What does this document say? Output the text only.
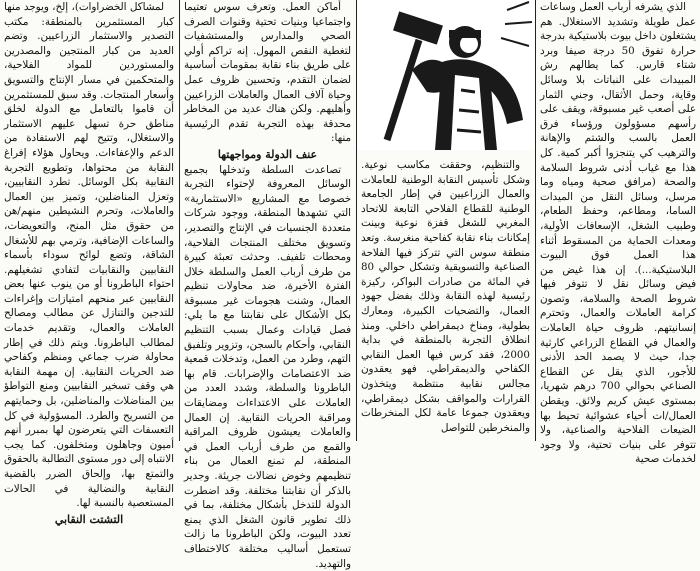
الذي يشرفه أرباب العمل وساعات عمل طويلة وتشديد الاستغلال. هم يشتغلون داخل بيوت بلاستيكية بدرجة حرارة تفوق 50 درجة صيفا وبرد شتاء قارس. كما يطالهم رش المبيدات على النباتات بلا وسائل وقاية، وحمل الأثقال، وجني الثمار على أصعب غير مسبوقة، ويقف على رأسهم مسؤولون ورؤساء فرق العمل بالسب والشتم والإهانة والترهيب كي يتنجزوا أكبر كمية. كل هذا مع غياب أدنى شروط السلامة والصحة (مرافق صحية ومياه وما مرسل، وسائل النقل من الميدات الساما، ومطاعم، وحفظ الطعام، وطبيب الشغل، الإسعافات الأولية، ومعدات الحماية من المسقوط أثناء هذا العمل فوق البيوت البلاستيكية...). إن هذا غيض من فيض وسائل نقل لا تتوفر فيها شروط الصحة والسلامة، وتصون كرامة العاملات والعمال، وتحترم إنسانيتهم. ظروف حياة العاملات والعمال في القطاع الزراعي كارثية جدا، حيث لا يصمد الحد الأدنى للأجور، الذي يقل عن القطاع الصناعي بحوالي 700 درهم شهريا، بمستوى عيش كريم ولائق. ويقطن العمال/ات أحياء عشوائية تحيط بها الضيعات الفلاحية والصناعية، ولا تتوفر على بنيات تحتية، ولا وجود لخدمات صحية

والتنظيم، وحققت مكاسب نوعية. وشكل تأسيس النقابة الوطنية للعاملات والعمال الزراعيين في إطار الجامعة الوطنية للقطاع الفلاحي التابعة للاتحاد المغربي للشغل قفزة نوعية وبينت إمكانات بناء نقابة كفاحية منغرسة. وتعد منطقة سوس التي تتركز فيها الفلاحة الصناعية والتسويقية وتشكل حوالي 80 في المائة من صادرات البواكر، ركيزة رئيسية لهذه النقابة وذلك بفضل جهود العمال، والتضحيات الكبيرة، ومعارك بطولية، ومناخ ديمقراطي داخلي. ومنذ انطلاق التجربة بالمنطقة في بداية 2000، فقد كرس فيها العمل النقابي الكفاحي والديمقراطي. فهو يعقدون مجالس نقابية منتظمة ويتخذون القرارات والمواقف بشكل ديمقراطي، ويعقدون جموعا عامة لكل المنخرطات والمنخرطين للتواصل

أماكن العمل. وتعرف سوس تعتيما واجتماعيا وبنيات تحتية وقنوات الصرف الصحي والمدارس والمستشفيات لتغطية النقص المهول. إنه تراكم أولي على طريق بناء نقابة بمقومات أساسية لضمان التقدم، وتحسين ظروف عمل وحياة آلاف العمال والعاملات الزراعيين وأهليهم. ولكن هناك عديد من المخاطر محدقة بهذه التجربة تقدم الرئيسية منها:

عنف الدولة ومواجهتها

تصاعدت السلطة وتدخلها بجميع الوسائل المعروفة لإحتواء التجربة خصوصا مع المشاريع «الاستثمارية» التي تشهدها المنطقة، ووجود شركات متعددة الجنسيات في الإنتاج والتصدير، وتسويق مختلف المنتجات الفلاحية، ومحطات تلفيف. وحدثت تعبئة كبيرة من طرف أرباب العمل والسلطة خلال الفترة الأخيرة، ضد محاولات تنظيم العمال، وشنت هجومات غير مسبوقة بكل الأشكال على نقابتنا مع ما يلي: فصل قيادات وعمال بسبب التنظيم النقابي، وأحكام بالسجن، وتزوير وتلفيق التهم، وطرد من العمل، وتدخلات قمعية ضد الاعتصامات والإضرابات. قام بها الباطرونا والسلطة، وشدد العدد من العاملات على الاعتداءات ومضايقات ومراقبة الحريات النقابية. إن العمال والعاملات يعيشون ظروف المراقبة والقمع من طرف أرباب العمل في المنطقة، لم تمنع العمال من بناء تنظيمهم وخوض نضالات جريئة. وجدير بالذكر أن نقابتنا مختلفة. وقد اضطرت الدولة للتدخل بأشكال مختلفة، بما في ذلك تطوير قانون الشغل الذي يمنع تعدد البيوت، ولكن الباطرونا ما زالت تستعمل أساليب مختلفة كالاختطاف والتهديد.

لمشاكل الخضراوات)، إلخ، ويوجد منها كبار المستثمرين بالمنطقة: مكتب التصدير والاستثمار الزراعيين. وتضم العديد من كبار المنتجين والمصدرين والمستوردين للمواد الفلاحية، والمتحكمين في مسار الإنتاج والتسويق وأسعار المنتجات. وقد سبق للمستثمرين أن قاموا بالتعامل مع الدولة لخلق مناطق حرة تسهل عليهم الاستثمار والاستغلال، وتتيح لهم الاستفادة من الدعم والإعفاءات. ويحاول هؤلاء إفراغ النقابة من محتواها، وتطويع التجربة النقابية بكل الوسائل. تطرد النقابيين، وتعزل المناضلين، وتميز بين العمال والعاملات، وتحرم النشيطين منهم/هن من حقوق مثل المنح، والتعويضات، والساعات الإضافية، وترمي بهم للأشغال الشاقة، وتضع لوائح سوداء بأسماء النقابيين والنقابيات لتفادي تشغيلهم. احتواء الباطرونا أو من ينوب عنها بعض النقابيين عبر منحهم امتيازات وإغراءات للتدجين والتنازل عن مطالب ومصالح العاملات والعمال، وتقديم خدمات لمطالب الباطرونا. ويتم ذلك في إطار محاولة ضرب جماعي ومنظم وكفاحي ضد الحريات النقابية. إن مهمة النقابة هي وقف تسخير النقابيين ومنع التواطؤ بين المناضلات والمناضلين، بل وحمايتهم من التسريح والطرد. المسؤولية في كل التعسفات التي يتعرضون لها بمبرر أنهم أميون وجاهلون ومتخلفون. كما يجب الانتباه إلى دور مستوى التطالبة بالحقوق والتمتع بها، وإلحاق الضرر بالقضية النقابية والنضالية في الحالات المستعصية بالنسبة لها.

التشتت النقابي
